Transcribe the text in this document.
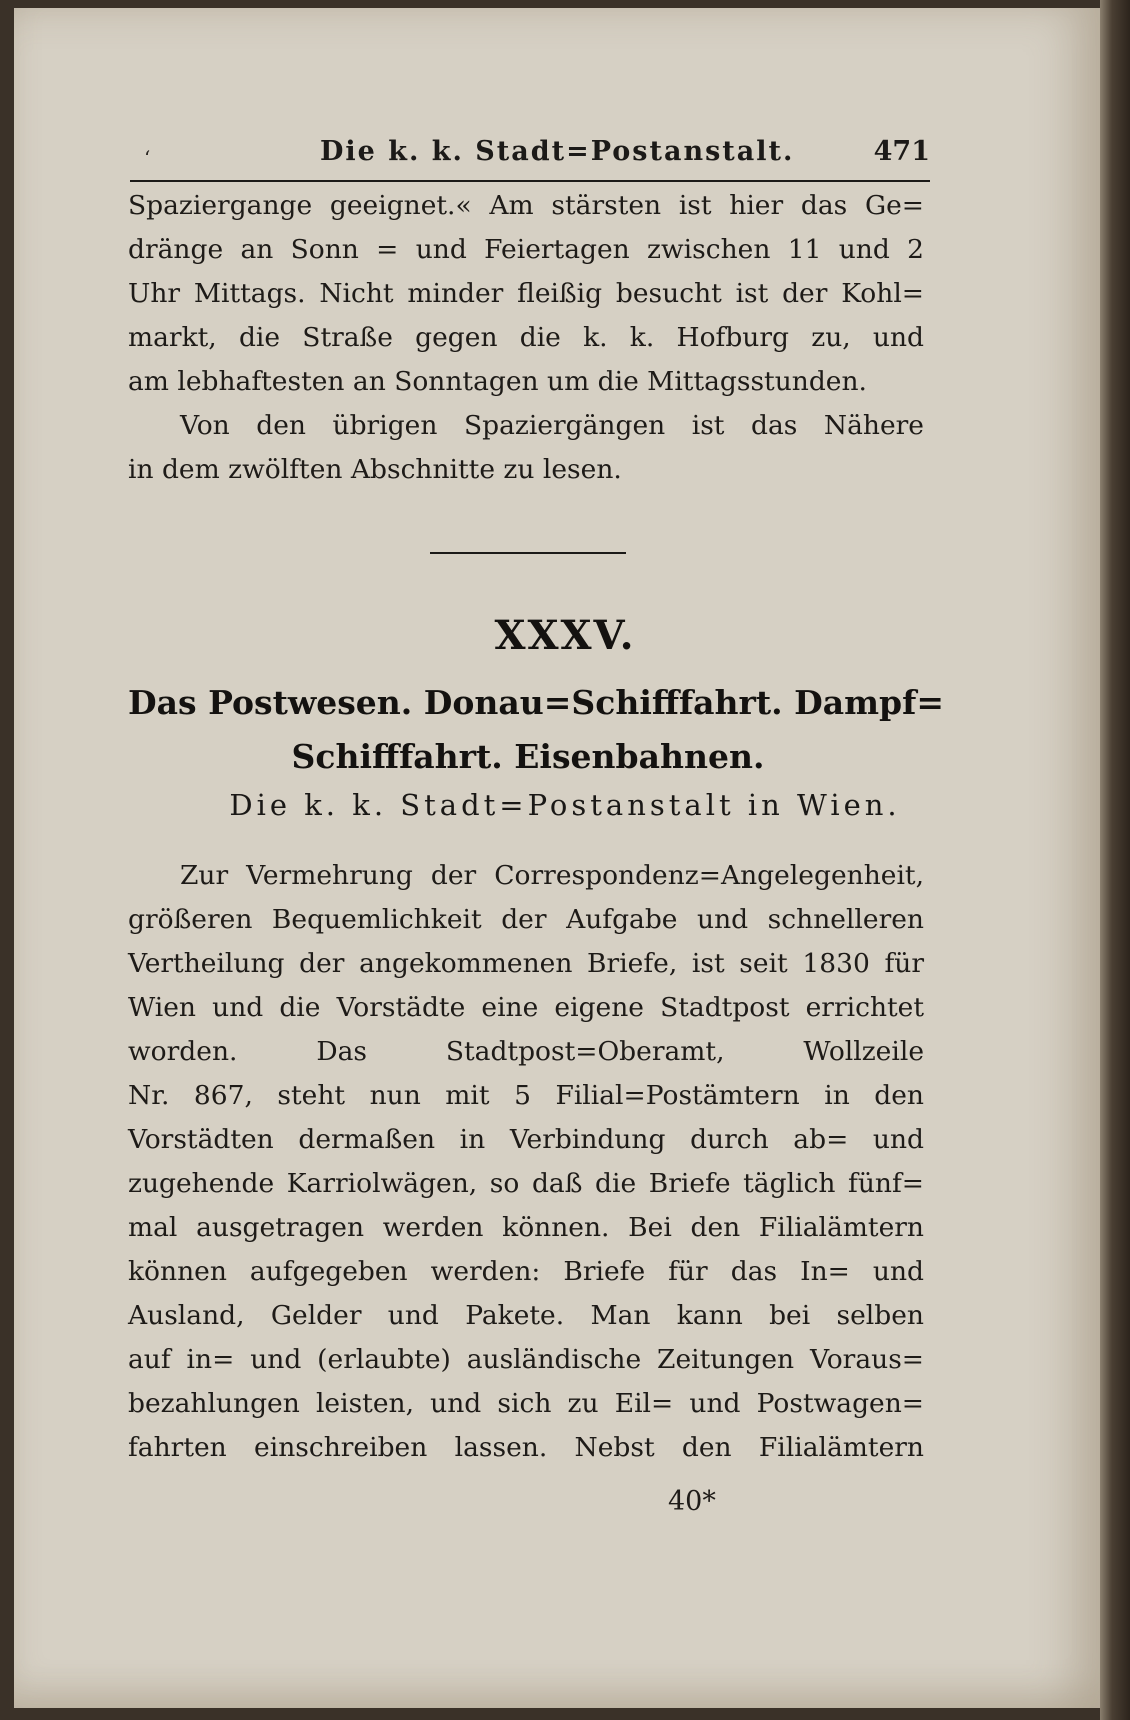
ʻ	Die k. k. Stadt=Postanstalt.	471
Spaziergange geeignet.« Am stärsten ist hier das Ge=
dränge an Sonn = und Feiertagen zwischen 11 und 2
Uhr Mittags. Nicht minder fleißig besucht ist der Kohl=
markt, die Straße gegen die k. k. Hofburg zu, und
am lebhaftesten an Sonntagen um die Mittagsstunden.
Von den übrigen Spaziergängen ist das Nähere
in dem zwölften Abschnitte zu lesen.
XXXV.
Das Postwesen. Donau=Schifffahrt. Dampf=
Schifffahrt. Eisenbahnen.
Die k. k. Stadt=Postanstalt in Wien.
Zur Vermehrung der Correspondenz=Angelegenheit,
größeren Bequemlichkeit der Aufgabe und schnelleren
Vertheilung der angekommenen Briefe, ist seit 1830 für
Wien und die Vorstädte eine eigene Stadtpost errichtet
worden. Das Stadtpost=Oberamt, Wollzeile
Nr. 867, steht nun mit 5 Filial=Postämtern in den
Vorstädten dermaßen in Verbindung durch ab= und
zugehende Karriolwägen, so daß die Briefe täglich fünf=
mal ausgetragen werden können. Bei den Filialämtern
können aufgegeben werden: Briefe für das In= und
Ausland, Gelder und Pakete. Man kann bei selben
auf in= und (erlaubte) ausländische Zeitungen Voraus=
bezahlungen leisten, und sich zu Eil= und Postwagen=
fahrten einschreiben lassen. Nebst den Filialämtern
40*
